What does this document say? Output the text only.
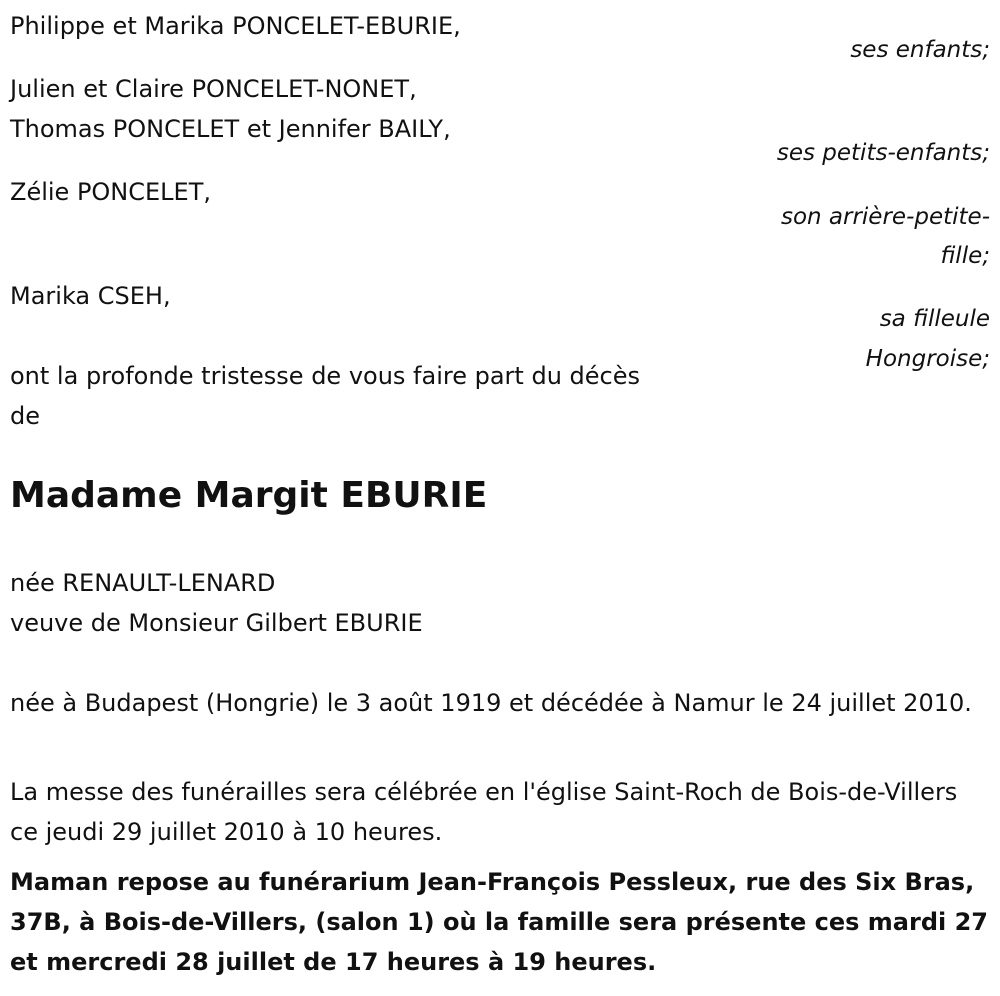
Philippe et Marika PONCELET-EBURIE,

ses enfants;

Julien et Claire PONCELET-NONET,

Thomas PONCELET et Jennifer BAILY,

ses petits-enfants;

Zélie PONCELET,

son arrière-petite-

fille;

Marika CSEH,

sa filleule

Hongroise;

ont la profonde tristesse de vous faire part du décès

de

Madame Margit EBURIE

née RENAULT-LENARD

veuve de Monsieur Gilbert EBURIE

née à Budapest (Hongrie) le 3 août 1919 et décédée à Namur le 24 juillet 2010.

La messe des funérailles sera célébrée en l'église Saint-Roch de Bois-de-Villers ce jeudi 29 juillet 2010 à 10 heures.

Maman repose au funérarium Jean-François Pessleux, rue des Six Bras, 37B, à Bois-de-Villers, (salon 1) où la famille sera présente ces mardi 27 et mercredi 28 juillet de 17 heures à 19 heures.
